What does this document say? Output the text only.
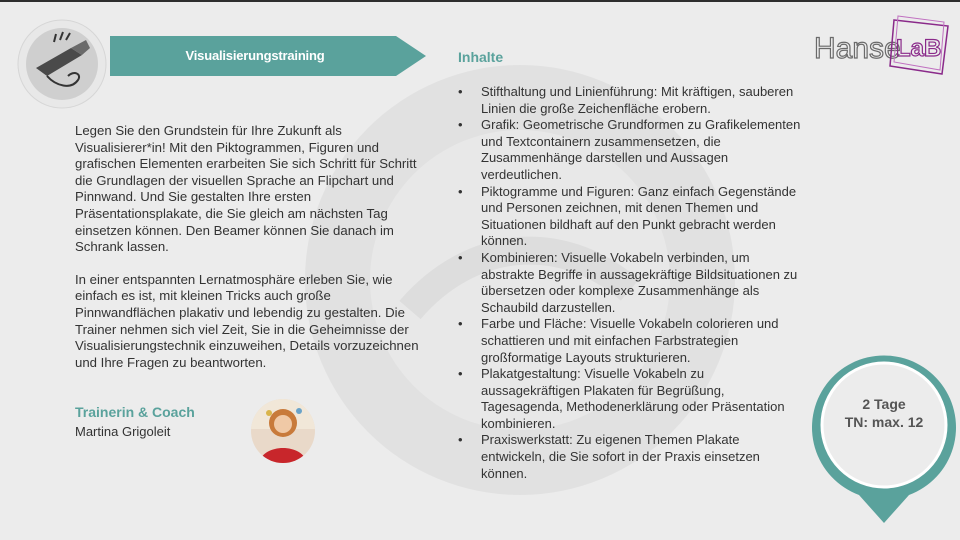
Visualisierungstraining

Legen Sie den Grundstein für Ihre Zukunft als Visualisierer*in! Mit den Piktogrammen, Figuren und grafischen Elementen erarbeiten Sie sich Schritt für Schritt die Grundlagen der visuellen Sprache an Flipchart und Pinnwand. Und Sie gestalten Ihre ersten Präsentationsplakate, die Sie gleich am nächsten Tag einsetzen können. Den Beamer können Sie danach im Schrank lassen.

In einer entspannten Lernatmosphäre erleben Sie, wie einfach es ist, mit kleinen Tricks auch große Pinnwandflächen plakativ und lebendig zu gestalten. Die Trainer nehmen sich viel Zeit, Sie in die Geheimnisse der Visualisierungstechnik einzuweihen, Details vorzuzeichnen und Ihre Fragen zu beantworten.

Trainerin & Coach
Martina Grigoleit
Inhalte
• Stifthaltung und Linienführung: Mit kräftigen, sauberen Linien die große Zeichenfläche erobern.
• Grafik: Geometrische Grundformen zu Grafikelementen und Textcontainern zusammensetzen, die Zusammenhänge darstellen und Aussagen verdeutlichen.
• Piktogramme und Figuren: Ganz einfach Gegenstände und Personen zeichnen, mit denen Themen und Situationen bildhaft auf den Punkt gebracht werden können.
• Kombinieren: Visuelle Vokabeln verbinden, um abstrakte Begriffe in aussagekräftige Bildsituationen zu übersetzen oder komplexe Zusammenhänge als Schaubild darzustellen.
• Farbe und Fläche: Visuelle Vokabeln colorieren und schattieren und mit einfachen Farbstrategien großformatige Layouts strukturieren.
• Plakatgestaltung: Visuelle Vokabeln zu aussagekräftigen Plakaten für Begrüßung, Tagesagenda, Methodenerklärung oder Präsentation kombinieren.
• Praxiswerkstatt: Zu eigenen Themen Plakate entwickeln, die Sie sofort in der Praxis einsetzen können.
Hanse
LaB
2 Tage
TN: max. 12
